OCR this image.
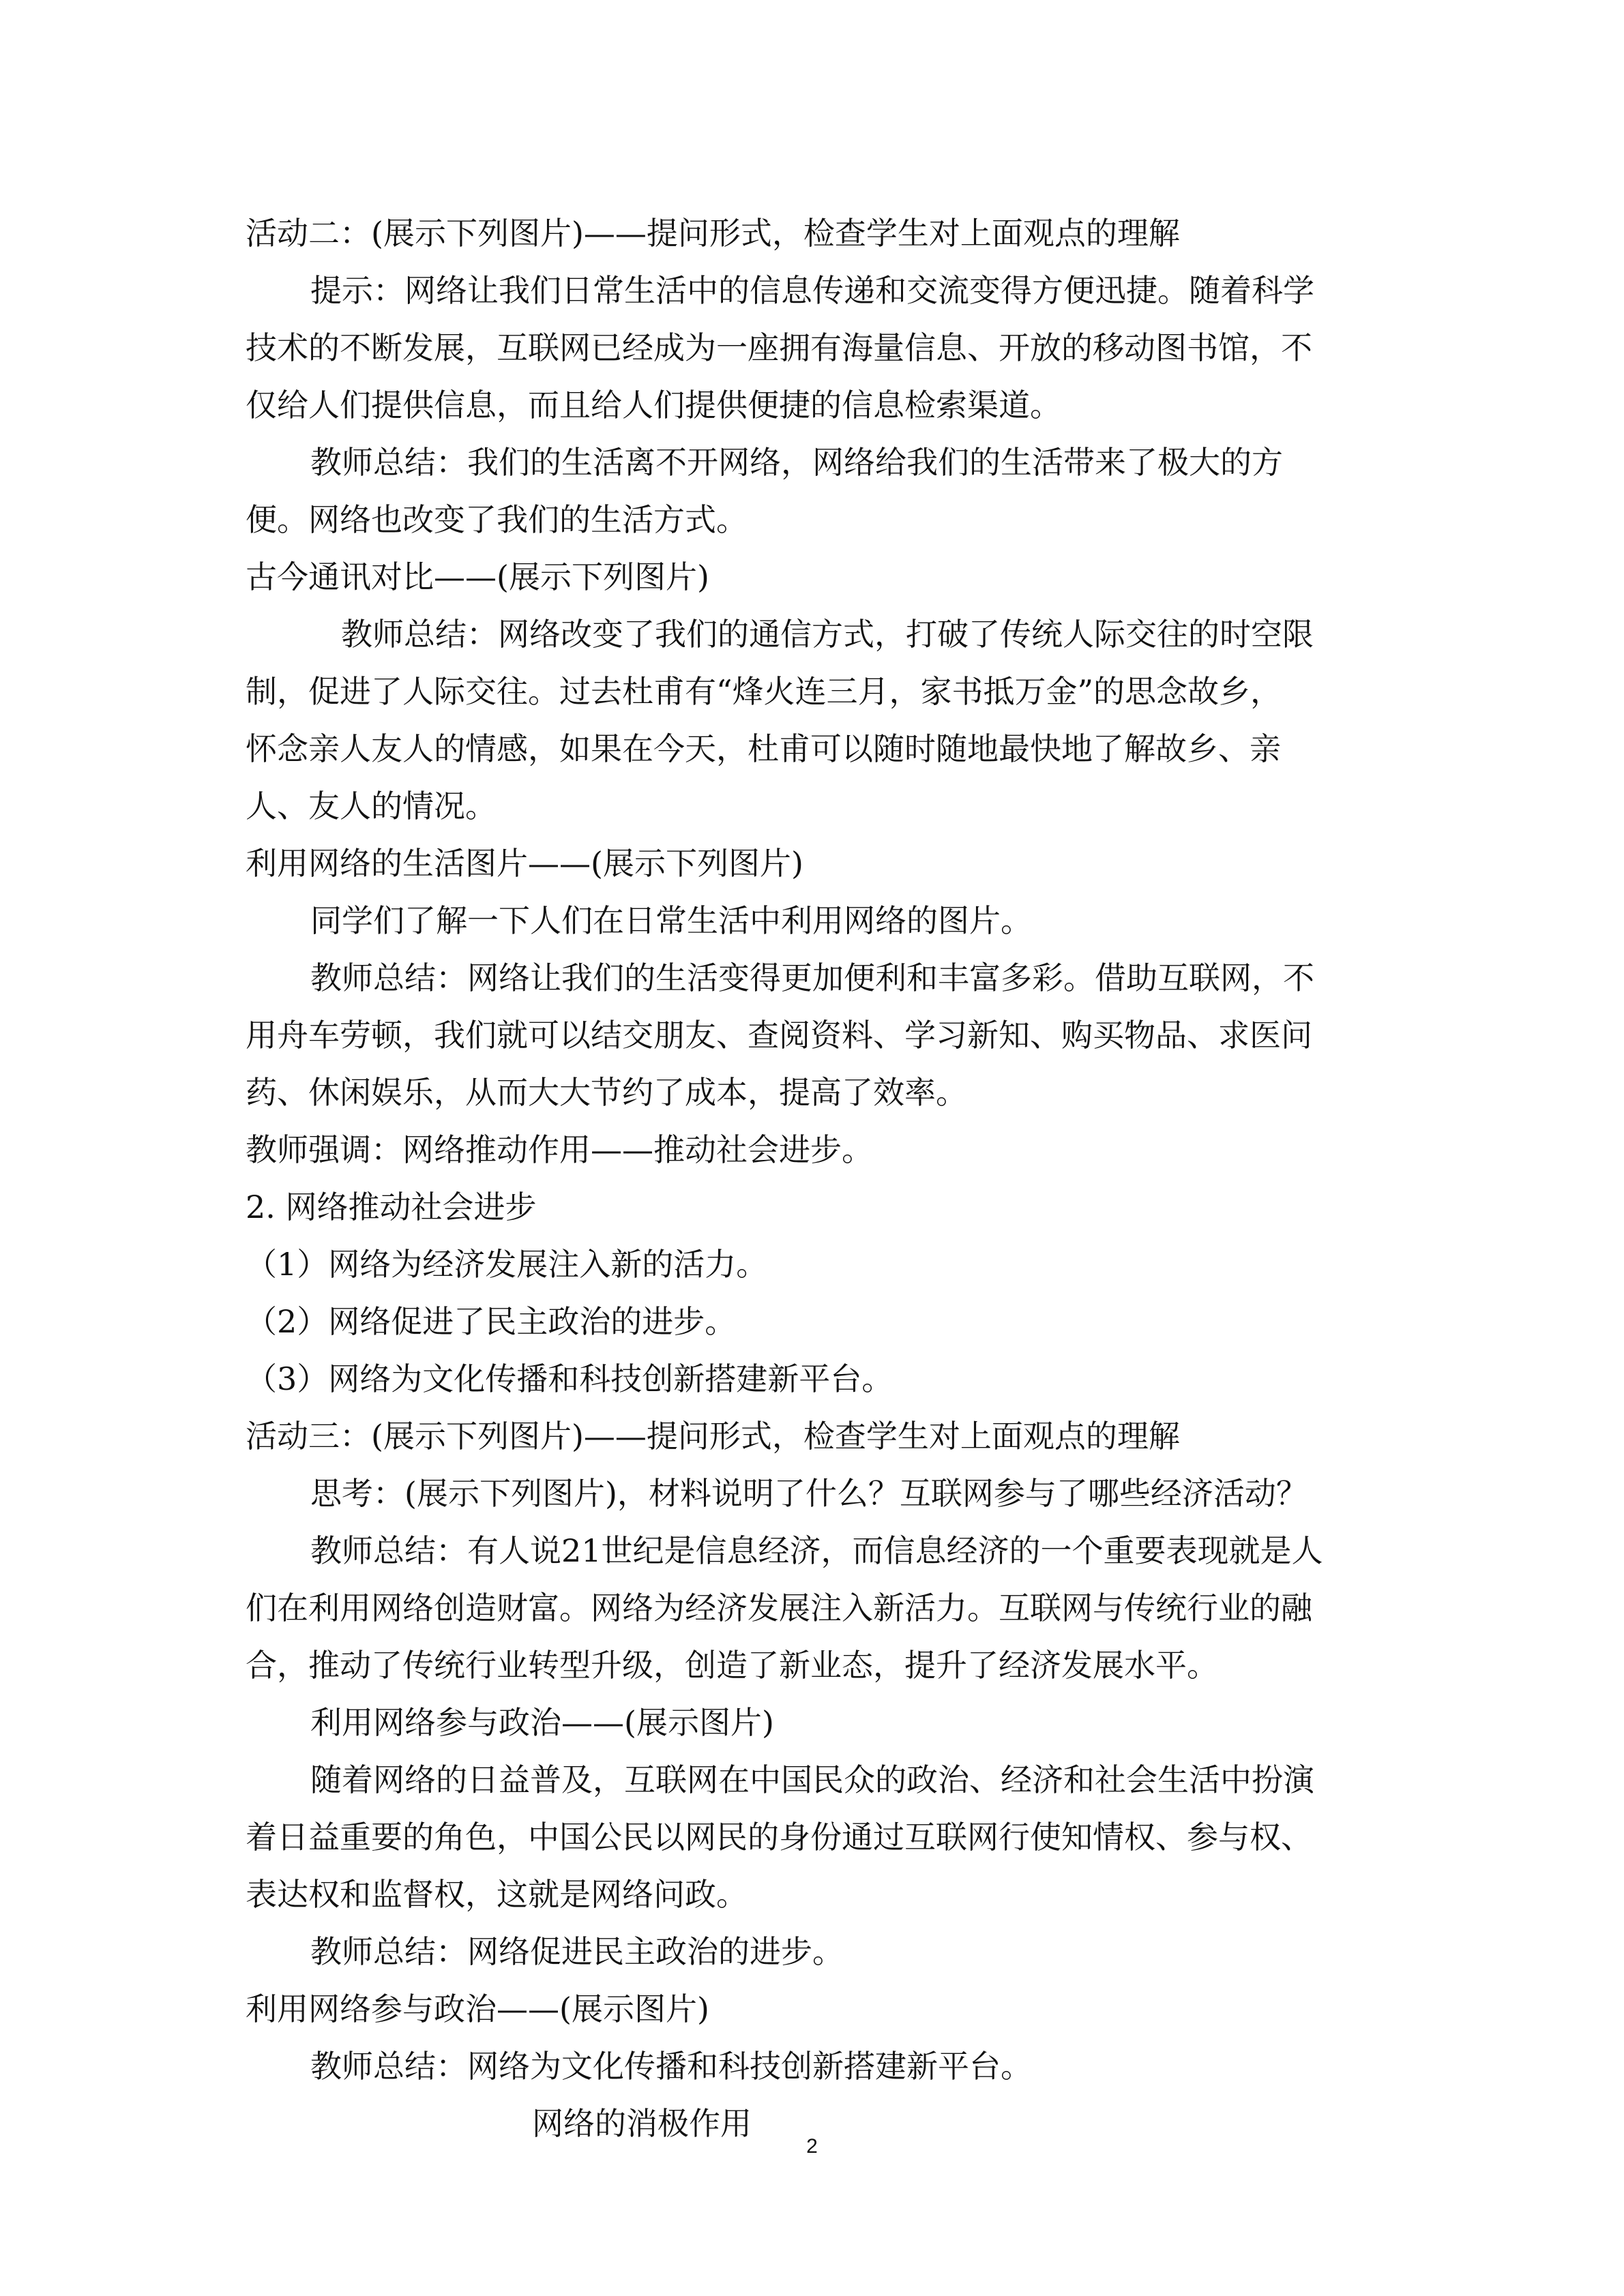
活动二：(展示下列图片)——提问形式，检查学生对上面观点的理解

提示：网络让我们日常生活中的信息传递和交流变得方便迅捷。随着科学

技术的不断发展，互联网已经成为一座拥有海量信息、开放的移动图书馆，不

仅给人们提供信息，而且给人们提供便捷的信息检索渠道。

教师总结：我们的生活离不开网络，网络给我们的生活带来了极大的方

便。网络也改变了我们的生活方式。

古今通讯对比——(展示下列图片)

教师总结：网络改变了我们的通信方式，打破了传统人际交往的时空限

制，促进了人际交往。过去杜甫有“烽火连三月，家书抵万金”的思念故乡，

怀念亲人友人的情感，如果在今天，杜甫可以随时随地最快地了解故乡、亲

人、友人的情况。

利用网络的生活图片——(展示下列图片)

同学们了解一下人们在日常生活中利用网络的图片。

教师总结：网络让我们的生活变得更加便利和丰富多彩。借助互联网，不

用舟车劳顿，我们就可以结交朋友、查阅资料、学习新知、购买物品、求医问

药、休闲娱乐，从而大大节约了成本，提高了效率。

教师强调：网络推动作用——推动社会进步。

2. 网络推动社会进步

（1）网络为经济发展注入新的活力。

（2）网络促进了民主政治的进步。

（3）网络为文化传播和科技创新搭建新平台。

活动三：(展示下列图片)——提问形式，检查学生对上面观点的理解

思考：(展示下列图片)，材料说明了什么？互联网参与了哪些经济活动？

教师总结：有人说21世纪是信息经济，而信息经济的一个重要表现就是人

们在利用网络创造财富。网络为经济发展注入新活力。互联网与传统行业的融

合，推动了传统行业转型升级，创造了新业态，提升了经济发展水平。

利用网络参与政治——(展示图片)

随着网络的日益普及，互联网在中国民众的政治、经济和社会生活中扮演

着日益重要的角色，中国公民以网民的身份通过互联网行使知情权、参与权、

表达权和监督权，这就是网络问政。

教师总结：网络促进民主政治的进步。

利用网络参与政治——(展示图片)

教师总结：网络为文化传播和科技创新搭建新平台。

网络的消极作用

2
